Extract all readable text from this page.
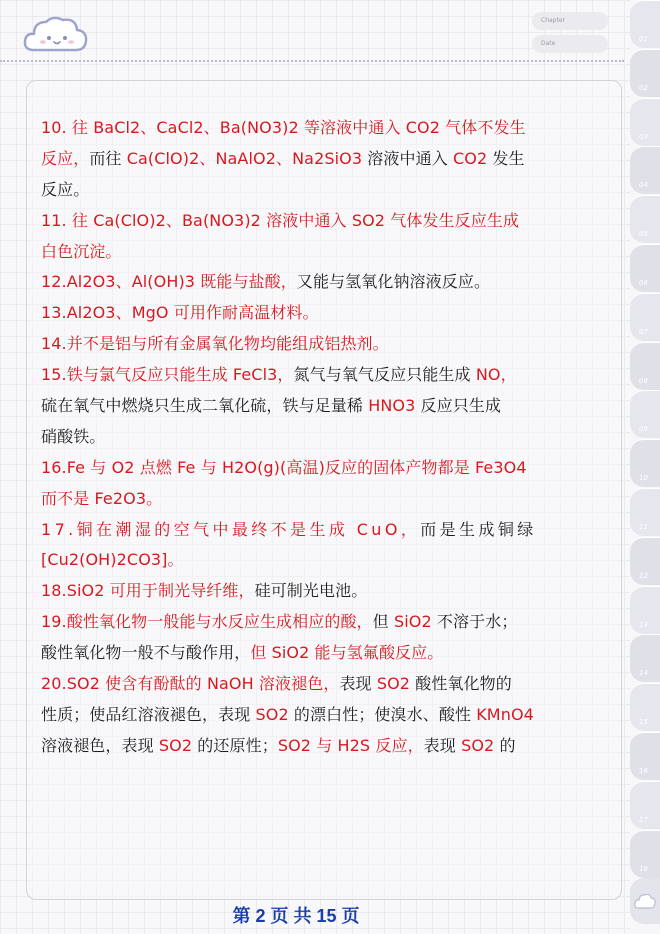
Chapter
Date
10. 往 BaCl2、CaCl2、Ba(NO3)2 等溶液中通入 CO2 气体不发生
反应，而往 Ca(ClO)2、NaAlO2、Na2SiO3 溶液中通入 CO2 发生
反应。
11. 往 Ca(ClO)2、Ba(NO3)2 溶液中通入 SO2 气体发生反应生成
白色沉淀。
12.Al2O3、Al(OH)3 既能与盐酸，又能与氢氧化钠溶液反应。
13.Al2O3、MgO 可用作耐高温材料。
14.并不是铝与所有金属氧化物均能组成铝热剂。
15.铁与氯气反应只能生成 FeCl3，氮气与氧气反应只能生成 NO，
硫在氧气中燃烧只生成二氧化硫，铁与足量稀 HNO3 反应只生成
硝酸铁。
16.Fe 与 O2 点燃 Fe 与 H2O(g)(高温)反应的固体产物都是 Fe3O4
而不是 Fe2O3。
17.铜在潮湿的空气中最终不是生成 CuO，而是生成铜绿
[Cu2(OH)2CO3]。
18.SiO2 可用于制光导纤维，硅可制光电池。
19.酸性氧化物一般能与水反应生成相应的酸，但 SiO2 不溶于水；
酸性氧化物一般不与酸作用，但 SiO2 能与氢氟酸反应。
20.SO2 使含有酚酞的 NaOH 溶液褪色，表现 SO2 酸性氧化物的
性质；使品红溶液褪色，表现 SO2 的漂白性；使溴水、酸性 KMnO4
溶液褪色，表现 SO2 的还原性；SO2 与 H2S 反应，表现 SO2 的
第 2 页 共 15 页
01
02
03
04
05
06
07
08
09
10
11
12
13
14
15
16
17
18
